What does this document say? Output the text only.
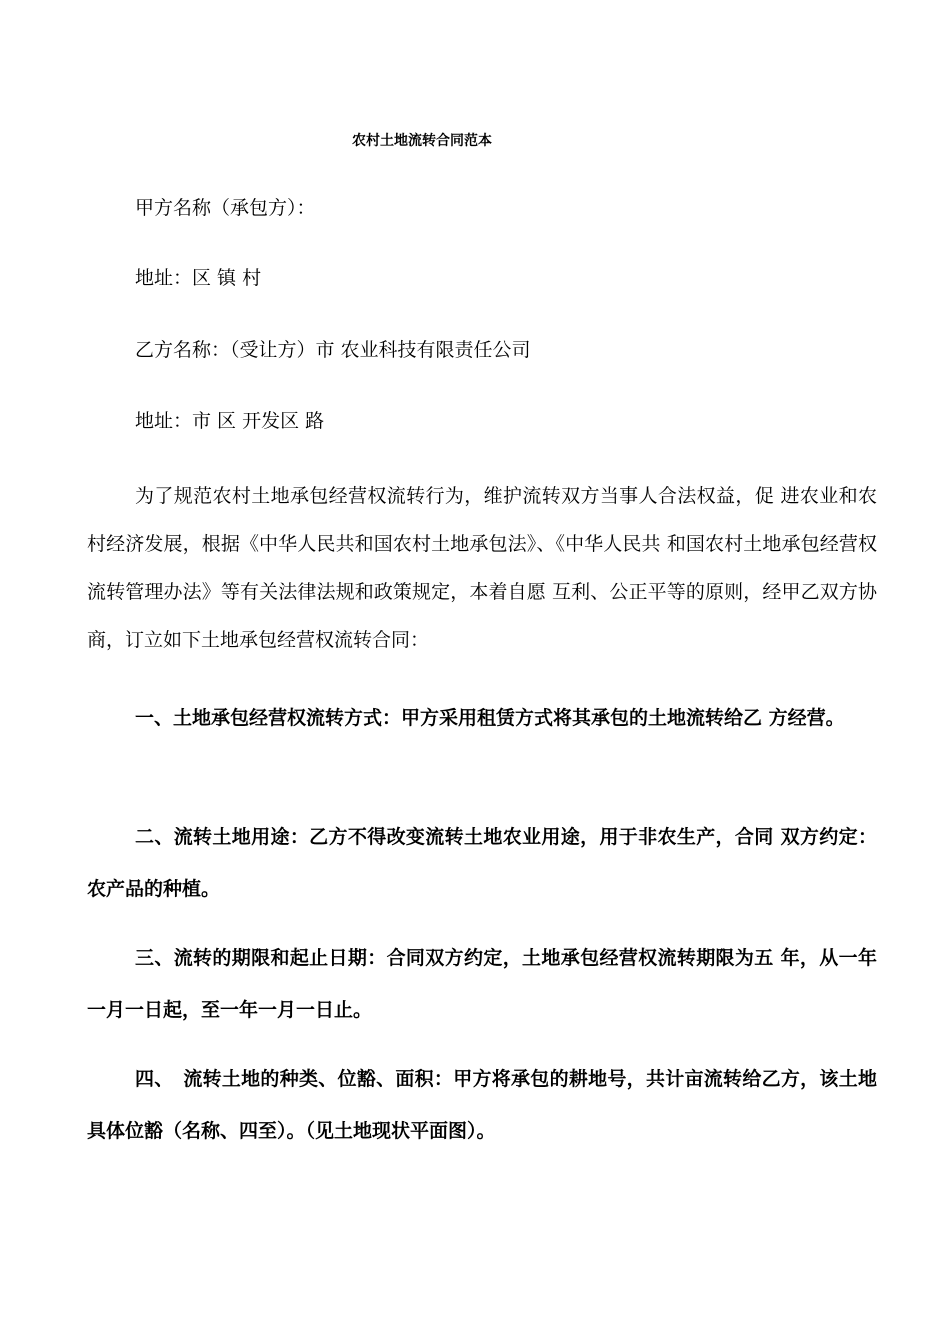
农村土地流转合同范本
甲方名称（承包方）：
地址：区 镇 村
乙方名称：（受让方）市 农业科技有限责任公司
地址：市 区 开发区 路

为了规范农村土地承包经营权流转行为，维护流转双方当事人合法权益，促 进农业和农村经济发展，根据《中华人民共和国农村土地承包法》、《中华人民共 和国农村土地承包经营权流转管理办法》等有关法律法规和政策规定，本着自愿 互利、公正平等的原则，经甲乙双方协商，订立如下土地承包经营权流转合同：

一、土地承包经营权流转方式：甲方采用租赁方式将其承包的土地流转给乙 方经营。

二、流转土地用途：乙方不得改变流转土地农业用途，用于非农生产，合同 双方约定：农产品的种植。

三、流转的期限和起止日期：合同双方约定，土地承包经营权流转期限为五 年，从一年一月一日起，至一年一月一日止。

四、　流转土地的种类、位豁、面积：甲方将承包的耕地号，共计亩流转给乙方，该土地具体位豁（名称、四至）。（见土地现状平面图）。
